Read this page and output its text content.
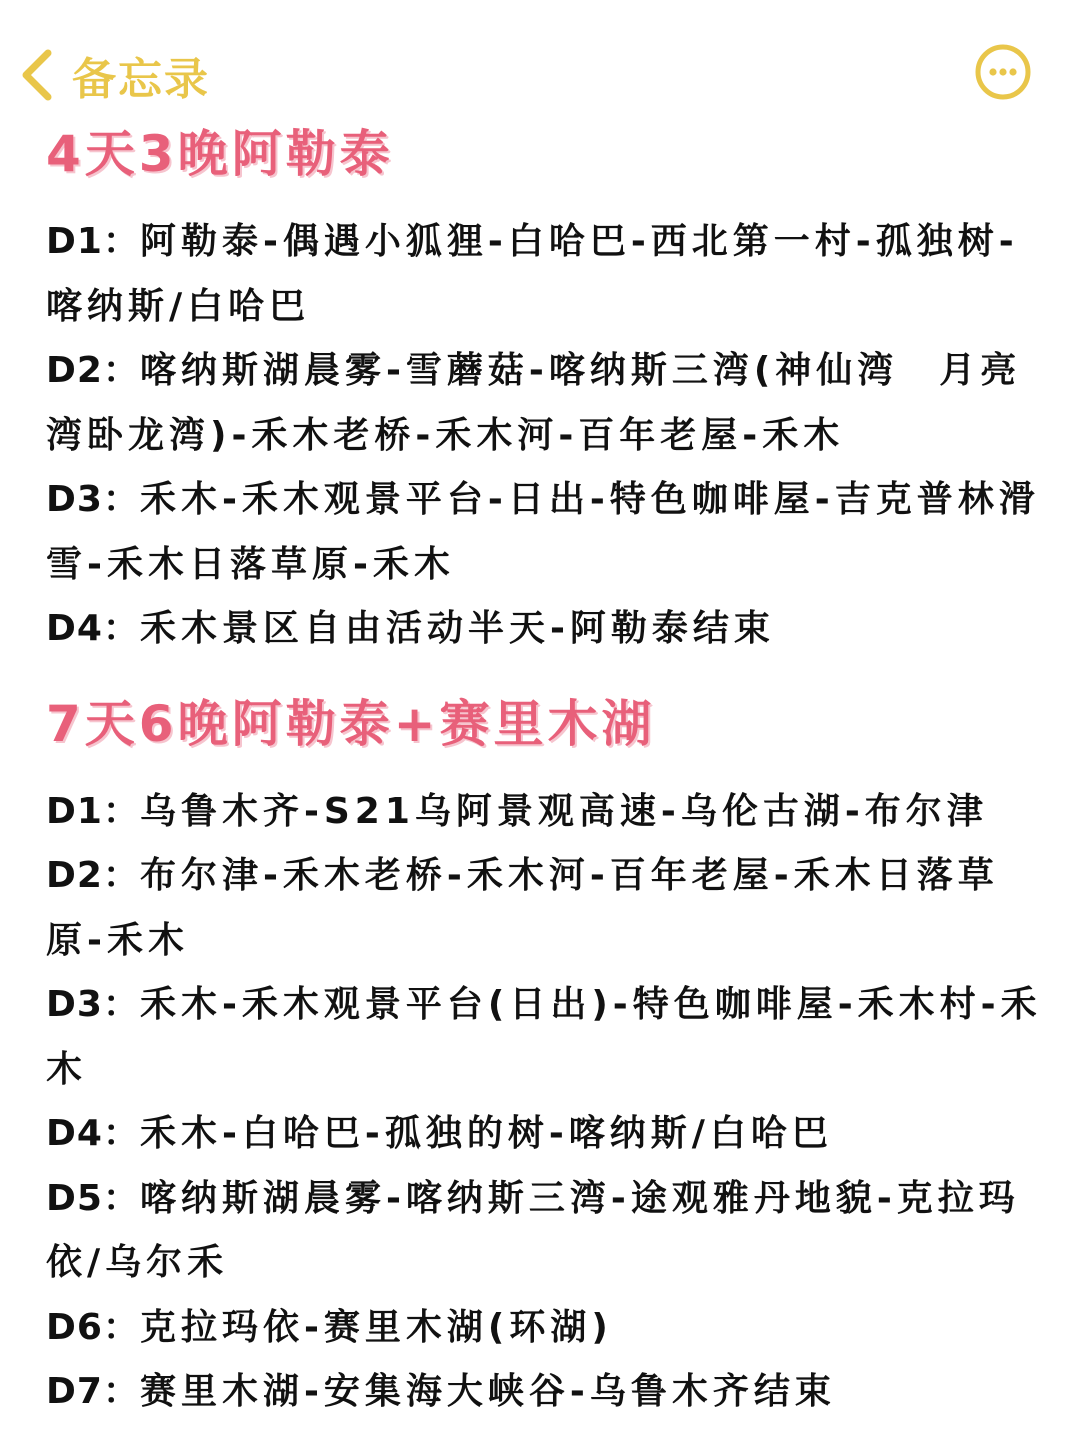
备忘录
4天3晚阿勒泰

D1：阿勒泰-偶遇小狐狸-白哈巴-西北第一村-孤独树-喀纳斯/白哈巴

D2：喀纳斯湖晨雾-雪蘑菇-喀纳斯三湾(神仙湾　月亮湾卧龙湾)-禾木老桥-禾木河-百年老屋-禾木

D3：禾木-禾木观景平台-日出-特色咖啡屋-吉克普林滑雪-禾木日落草原-禾木

D4：禾木景区自由活动半天-阿勒泰结束

7天6晚阿勒泰+赛里木湖

D1：乌鲁木齐-S21乌阿景观高速-乌伦古湖-布尔津

D2：布尔津-禾木老桥-禾木河-百年老屋-禾木日落草原-禾木

D3：禾木-禾木观景平台(日出)-特色咖啡屋-禾木村-禾木

D4：禾木-白哈巴-孤独的树-喀纳斯/白哈巴

D5：喀纳斯湖晨雾-喀纳斯三湾-途观雅丹地貌-克拉玛依/乌尔禾

D6：克拉玛依-赛里木湖(环湖)

D7：赛里木湖-安集海大峡谷-乌鲁木齐结束
